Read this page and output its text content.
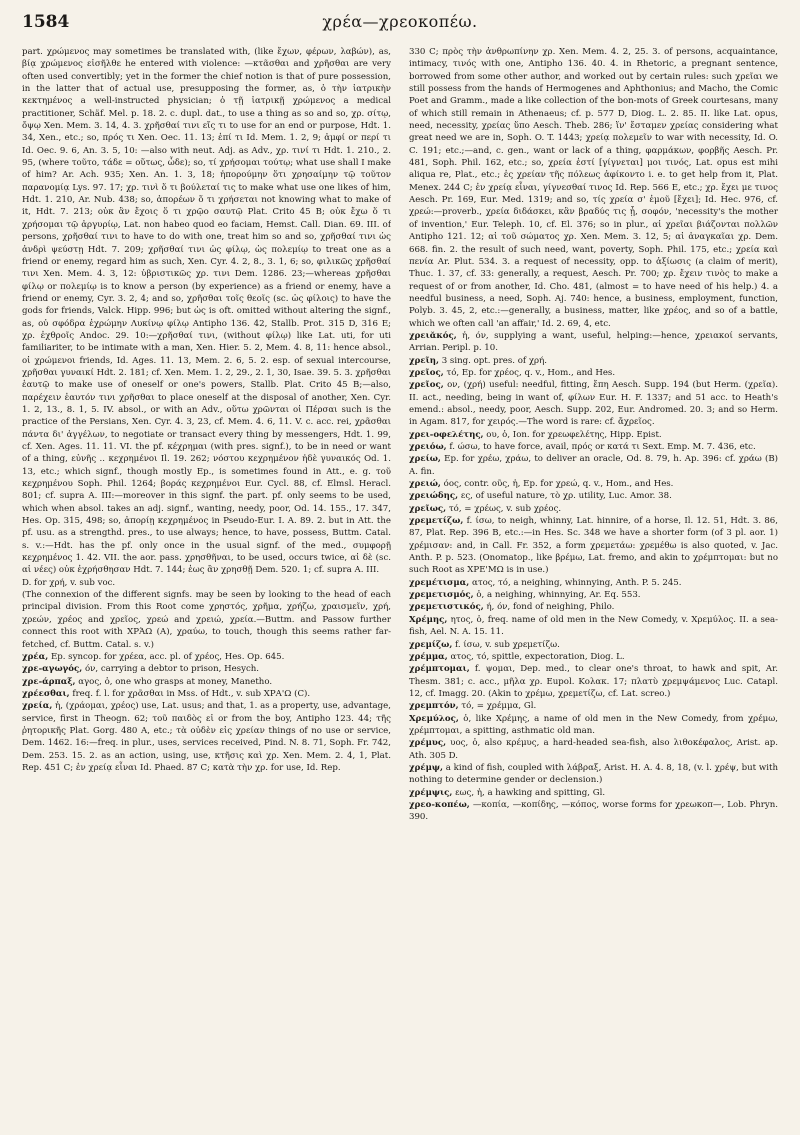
1584	χρέα—χρεοκοπέω.

part. χρώμενος may sometimes be translated with, (like ἔχων, φέρων, λαβών), as, βίᾳ χρώμενος εἰσῆλθε he entered with violence: —κτᾶσθαι and χρῆσθαι are very often used convertibly; yet in the former the chief notion is that of pure possession, in the latter that of actual use, presupposing the former, as, ὁ τὴν ἰατρικὴν κεκτημένος a well-instructed physician; ὁ τῇ ἰατρικῇ χρώμενος a medical practitioner, Schäf. Mel. p. 18. 2. c. dupl. dat., to use a thing as so and so, χρ. σίτῳ, ὄψῳ Xen. Mem. 3. 14, 4. 3. χρῆσθαί τινι εἴς τι to use for an end or purpose, Hdt. 1. 34, Xen., etc.; so, πρός τι Xen. Oec. 11. 13; ἐπί τι Id. Mem. 1. 2, 9; ἀμφί or περί τι Id. Oec. 9. 6, An. 3. 5, 10: —also with neut. Adj. as Adv., χρ. τινί τι Hdt. 1. 210., 2. 95, (where τοῦτο, τάδε = οὕτως, ὧδε); so, τί χρήσομαι τούτῳ; what use shall I make of him? Ar. Ach. 935; Xen. An. 1. 3, 18; ἠπορούμην ὅτι χρησαίμην τῷ τοῦτον παρανομίᾳ Lys. 97. 17; χρ. τινὶ ὅ τι βούλεταί τις to make what use one likes of him, Hdt. 1. 210, Ar. Nub. 438; so, ἀπορέων ὅ τι χρήσεται not knowing what to make of it, Hdt. 7. 213; οὐκ ἂν ἔχοις ὅ τι χρῷο σαυτῷ Plat. Crito 45 B; οὐκ ἔχω ὅ τι χρήσομαι τῷ ἀργυρίῳ, Lat. non habeo quod eo faciam, Hemst. Call. Dian. 69. III. of persons, χρῆσθαί τινι to have to do with one, treat him so and so, χρῆσθαί τινι ὡς ἀνδρὶ ψεύστῃ Hdt. 7. 209; χρῆσθαί τινι ὡς φίλῳ, ὡς πολεμίῳ to treat one as a friend or enemy, regard him as such, Xen. Cyr. 4. 2, 8., 3. 1, 6; so, φιλικῶς χρῆσθαί τινι Xen. Mem. 4. 3, 12: ὑβριστικῶς χρ. τινι Dem. 1286. 23;—whereas χρῆσθαι φίλῳ or πολεμίῳ is to know a person (by experience) as a friend or enemy, have a friend or enemy, Cyr. 3. 2, 4; and so, χρῆσθαι τοῖς θεοῖς (sc. ὡς φίλοις) to have the gods for friends, Valck. Hipp. 996; but ὡς is oft. omitted without altering the signf., as, οὐ σφόδρα ἐχρώμην Λυκίνῳ φίλῳ Antipho 136. 42, Stallb. Prot. 315 D, 316 E; χρ. ἐχθροῖς Andoc. 29. 10:—χρῆσθαί τινι, (without φίλῳ) like Lat. uti, for uti familiariter, to be intimate with a man, Xen. Hier. 5. 2, Mem. 4. 8, 11: hence absol., οἱ χρώμενοι friends, Id. Ages. 11. 13, Mem. 2. 6, 5. 2. esp. of sexual intercourse, χρῆσθαι γυναικί Hdt. 2. 181; cf. Xen. Mem. 1. 2, 29., 2. 1, 30, Isae. 39. 5. 3. χρῆσθαι ἑαυτῷ to make use of oneself or one's powers, Stallb. Plat. Crito 45 B;—also, παρέχειν ἑαυτόν τινι χρῆσθαι to place oneself at the disposal of another, Xen. Cyr. 1. 2, 13., 8. 1, 5. IV. absol., or with an Adv., οὕτω χρῶνται οἱ Πέρσαι such is the practice of the Persians, Xen. Cyr. 4. 3, 23, cf. Mem. 4. 6, 11. V. c. acc. rei, χρᾶσθαι πάντα δι' ἀγγέλων, to negotiate or transact every thing by messengers, Hdt. 1. 99, cf. Xen. Ages. 11. 11. VI. the pf. κέχρημαι (with pres. signf.), to be in need or want of a thing, εὐνῆς .. κεχρημένοι Il. 19. 262; νόστου κεχρημένον ἠδὲ γυναικός Od. 1. 13, etc.; which signf., though mostly Ep., is sometimes found in Att., e. g. τοῦ κεχρημένου Soph. Phil. 1264; βοράς κεχρημένοι Eur. Cycl. 88, cf. Elmsl. Heracl. 801; cf. supra A. III:—moreover in this signf. the part. pf. only seems to be used, which when absol. takes an adj. signf., wanting, needy, poor, Od. 14. 155., 17. 347, Hes. Op. 315, 498; so, ἀπορίῃ κεχρημένος in Pseudo-Eur. I. A. 89. 2. but in Att. the pf. usu. as a strengthd. pres., to use always; hence, to have, possess, Buttm. Catal. s. v.:—Hdt. has the pf. only once in the usual signf. of the med., συμφορῇ κεχρημένος 1. 42. VII. the aor. pass. χρησθῆναι, to be used, occurs twice, αἱ δὲ (sc. αἱ νέες) οὐκ ἐχρήσθησαν Hdt. 7. 144; ἐως ἂν χρησθῇ Dem. 520. 1; cf. supra A. III.

D. for χρή, v. sub voc.

(The connexion of the different signfs. may be seen by looking to the head of each principal division. From this Root come χρηστός, χρῆμα, χρήζω, χραισμεῖν, χρή, χρεών, χρέος and χρεῖος, χρεώ and χρειώ, χρεία.—Buttm. and Passow further connect this root with ΧΡΆΩ (A), χραύω, to touch, though this seems rather far-fetched, cf. Buttm. Catal. s. v.)

χρέα, Ep. syncop. for χρέεα, acc. pl. of χρέος, Hes. Op. 645.

χρε-αγωγός, όν, carrying a debtor to prison, Hesych.

χρε-άρπαξ, αγος, ὁ, one who grasps at money, Manetho.

χρέεσθαι, freq. f. l. for χρᾶσθαι in Mss. of Hdt., v. sub ΧΡΑ'Ω (C).

χρεία, ἡ, (χράομαι, χρέος) use, Lat. usus; and that, 1. as a property, use, advantage, service, first in Theogn. 62; τοῦ παιδὸς εἰ or from the boy, Antipho 123. 44; τῆς ῥητορικῆς Plat. Gorg. 480 A, etc.; τὰ οὐδὲν εἰς χρείαν things of no use or service, Dem. 1462. 16:—freq. in plur., uses, services received, Pind. N. 8. 71, Soph. Fr. 742, Dem. 253. 15. 2. as an action, using, use, κτῆσις καὶ χρ. Xen. Mem. 2. 4, 1, Plat. Rep. 451 C; ἐν χρείᾳ εἶναι Id. Phaed. 87 C; κατὰ τὴν χρ. for use, Id. Rep.

330 C; πρὸς τὴν ἀνθρωπίνην χρ. Xen. Mem. 4. 2, 25. 3. of persons, acquaintance, intimacy, τινός with one, Antipho 136. 40. 4. in Rhetoric, a pregnant sentence, borrowed from some other author, and worked out by certain rules: such χρεῖαι we still possess from the hands of Hermogenes and Aphthonius; and Macho, the Comic Poet and Gramm., made a like collection of the bon-mots of Greek courtesans, many of which still remain in Athenaeus; cf. p. 577 D, Diog. L. 2. 85. II. like Lat. opus, need, necessity, χρείας ὕπο Aesch. Theb. 286; ἵν' ἔσταμεν χρείας considering what great need we are in, Soph. O. T. 1443; χρείᾳ πολεμεῖν to war with necessity, Id. O. C. 191; etc.;—and, c. gen., want or lack of a thing, φαρμάκων, φορβῆς Aesch. Pr. 481, Soph. Phil. 162, etc.; so, χρεία ἐστί [γίγνεται] μοι τινός, Lat. opus est mihi aliqua re, Plat., etc.; ἐς χρείαν τῆς πόλεως ἀφίκοντο i. e. to get help from it, Plat. Menex. 244 C; ἐν χρείᾳ εἶναι, γίγνεσθαί τινος Id. Rep. 566 E, etc.; χρ. ἔχει με τινος Aesch. Pr. 169, Eur. Med. 1319; and so, τίς χρεία σ' ἐμοῦ [ἔχει]; Id. Hec. 976, cf. χρεώ:—proverb., χρεία διδάσκει, κἂν βραδύς τις ᾖ, σοφόν, 'necessity's the mother of invention,' Eur. Teleph. 10, cf. El. 376; so in plur., αἱ χρεῖαι βιάζονται πολλῶν Antipho 121. 12; αἱ τοῦ σώματος χρ. Xen. Mem. 3. 12, 5; αἱ ἀναγκαῖαι χρ. Dem. 668. fin. 2. the result of such need, want, poverty, Soph. Phil. 175, etc.; χρεία καὶ πενία Ar. Plut. 534. 3. a request of necessity, opp. to ἀξίωσις (a claim of merit), Thuc. 1. 37, cf. 33: generally, a request, Aesch. Pr. 700; χρ. ἔχειν τινὸς to make a request of or from another, Id. Cho. 481, (almost = to have need of his help.) 4. a needful business, a need, Soph. Aj. 740: hence, a business, employment, function, Polyb. 3. 45, 2, etc.:—generally, a business, matter, like χρέος, and so of a battle, which we often call 'an affair,' Id. 2. 69, 4, etc.

χρειᾰκός, ἡ, όν, supplying a want, useful, helping:—hence, χρειακοί servants, Arrian. Peripl. p. 10.

χρεῖη, 3 sing. opt. pres. of χρή.

χρεῖος, τό, Ep. for χρέος, q. v., Hom., and Hes.

χρεῖος, ον, (χρή) useful: needful, fitting, ἔπη Aesch. Supp. 194 (but Herm. (χρεῖα). II. act., needing, being in want of, φίλων Eur. H. F. 1337; and 51 acc. to Heath's emend.: absol., needy, poor, Aesch. Supp. 202, Eur. Andromed. 20. 3; and so Herm. in Agam. 817, for χειρός.—The word is rare: cf. ἄχρεῖος.

χρει-οφελέτης, ου, ὁ, Ion. for χρεωφελέτης, Hipp. Epist.

χρειόω, f. ώσω, to have force, avail, πρός or κατά τι Sext. Emp. M. 7. 436, etc.

χρείω, Ep. for χρέω, χράω, to deliver an oracle, Od. 8. 79, h. Ap. 396: cf. χράω (B) A. fin.

χρειώ, όος, contr. οῦς, ἡ, Ep. for χρεώ, q. v., Hom., and Hes.

χρειώδης, ες, of useful nature, τὸ χρ. utility, Luc. Amor. 38.

χρεῖως, τό, = χρέως, v. sub χρέος.

χρεμετίζω, f. ίσω, to neigh, whinny, Lat. hinnire, of a horse, Il. 12. 51, Hdt. 3. 86, 87, Plat. Rep. 396 B, etc.:—in Hes. Sc. 348 we have a shorter form (of 3 pl. aor. 1) χρέμισαν: and, in Call. Fr. 352, a form χρεμετάω: χρεμέθω is also quoted, v. Jac. Anth. P. p. 523. (Onomatop., like βρέμω, Lat. fremo, and akin to χρέμπτομαι: but no such Root as ΧΡΕ'ΜΩ is in use.)

χρεμέτισμα, ατος, τό, a neighing, whinnying, Anth. P. 5. 245.

χρεμετισμός, ὁ, a neighing, whinnying, Ar. Eq. 553.

χρεμετιστικός, ή, όν, fond of neighing, Philo.

Χρέμης, ητος, ὁ, freq. name of old men in the New Comedy, v. Χρεμύλος. II. a sea-fish, Ael. N. A. 15. 11.

χρεμίζω, f. ίσω, v. sub χρεμετίζω.

χρέμμα, ατος, τό, spittle, expectoration, Diog. L.

χρέμπτομαι, f. ψομαι, Dep. med., to clear one's throat, to hawk and spit, Ar. Thesm. 381; c. acc., μῆλα χρ. Eupol. Κολακ. 17; πλατὺ χρεμψάμενος Luc. Catapl. 12, cf. Imagg. 20. (Akin to χρέμω, χρεμετίζω, cf. Lat. screo.)

χρεμπτόν, τό, = χρέμμα, Gl.

Χρεμύλος, ὁ, like Χρέμης, a name of old men in the New Comedy, from χρέμω, χρέμπτομαι, a spitting, asthmatic old man.

χρέμυς, υος, ὁ, also κρέμυς, a hard-headed sea-fish, also λιθοκέφαλος, Arist. ap. Ath. 305 D.

χρέμψ, a kind of fish, coupled with λάβραξ, Arist. H. A. 4. 8, 18, (v. l. χρέψ, but with nothing to determine gender or declension.)

χρέμψις, εως, ἡ, a hawking and spitting, Gl.

χρεο-κοπέω, —κοπία, —κοπίδης, —κόπος, worse forms for χρεωκοπ—, Lob. Phryn. 390.
